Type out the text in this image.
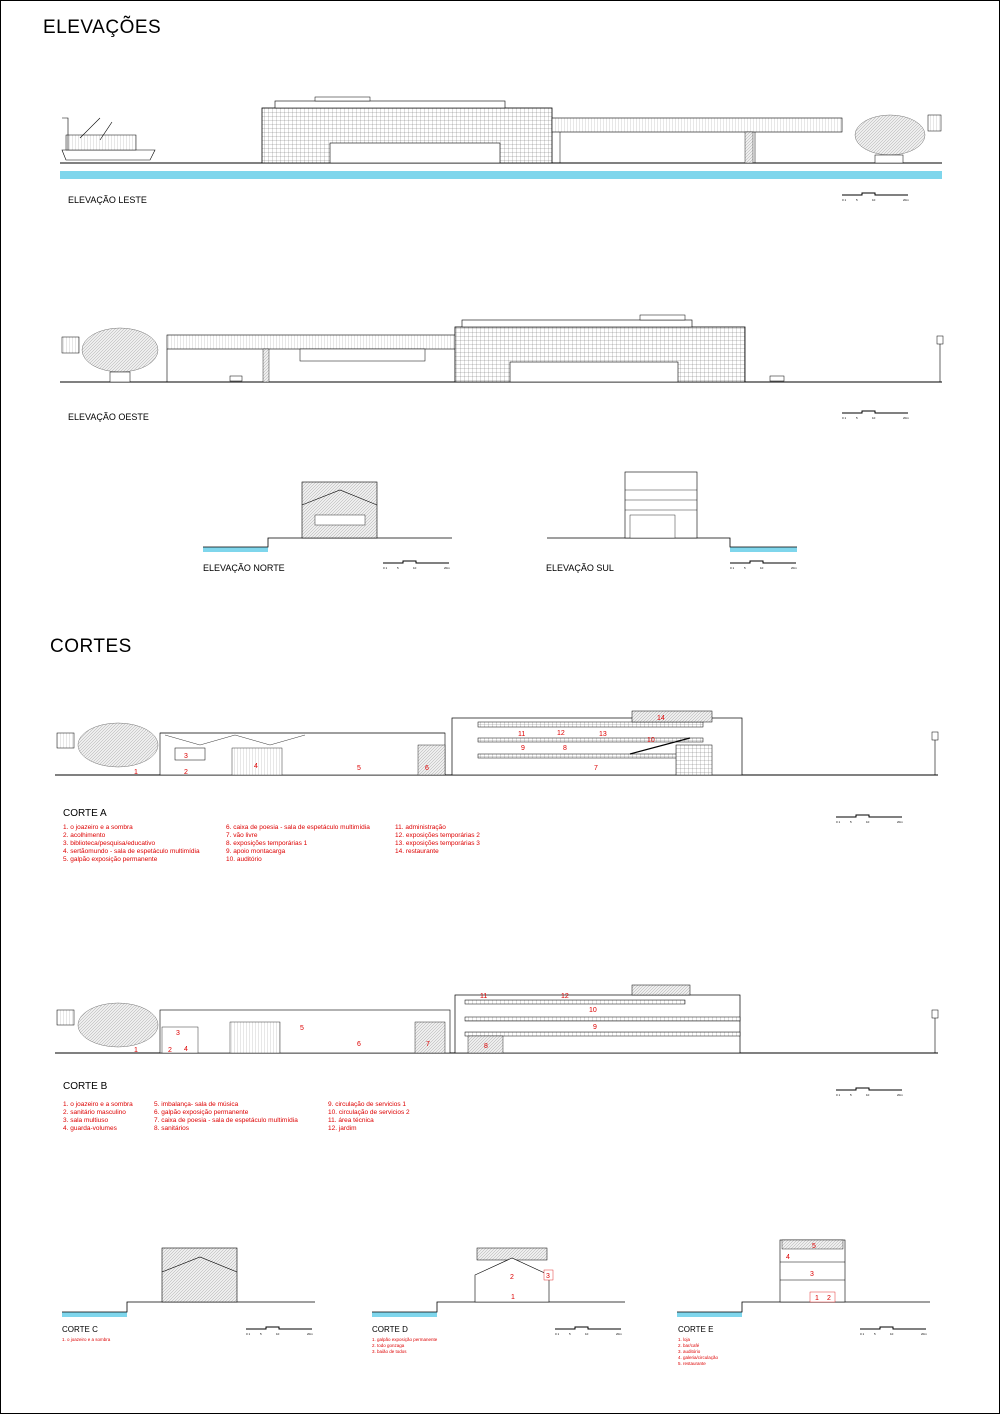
ELEVAÇÕES
CORTES
1	2
3
4	5	6	7
8
9
10
11	12	13
14
1	2
3
4
5
6	7	8
9
10
11	12
1
2	3
1 2
3
4
5
0 1	5	10	20m
0 1	5	10	20m
0 1	5	10	20m	0 1	5	10	20m
0 1	5	10	20m
0 1	5	10	20m
0 1	5	10	20m	0 1	5	10	20m	0 1	5	10	20m
ELEVAÇÃO LESTE
ELEVAÇÃO OESTE
ELEVAÇÃO NORTE	ELEVAÇÃO SUL
CORTE A
1. o joazeiro e a sombra
2. acolhimento
3. biblioteca/pesquisa/educativo
4. sertãomundo - sala de espetáculo multimídia
5. galpão exposição permanente
6. caixa de poesia - sala de espetáculo multimídia
7. vão livre
8. exposições temporárias 1
9. apoio montacarga
10. auditório
11. administração
12. exposições temporárias 2
13. exposições temporárias 3
14. restaurante
CORTE B
1. o joazeiro e a sombra
2. sanitário masculino
3. sala multiuso
4. guarda-volumes
5. imbalança- sala de música
6. galpão exposição permanente
7. caixa de poesia - sala de espetáculo multimídia
8. sanitários
9. circulação de servicios 1
10. circulação de servicios 2
11. área técnica
12. jardim
CORTE C
1. o joazeiro e a sombra
CORTE D
1. galpão exposição permanente
2. todo gonzaga
3. baião de todos
CORTE E
1. loja
2. bar/café
3. auditório
4. galeria/circulação
5. restaurante
